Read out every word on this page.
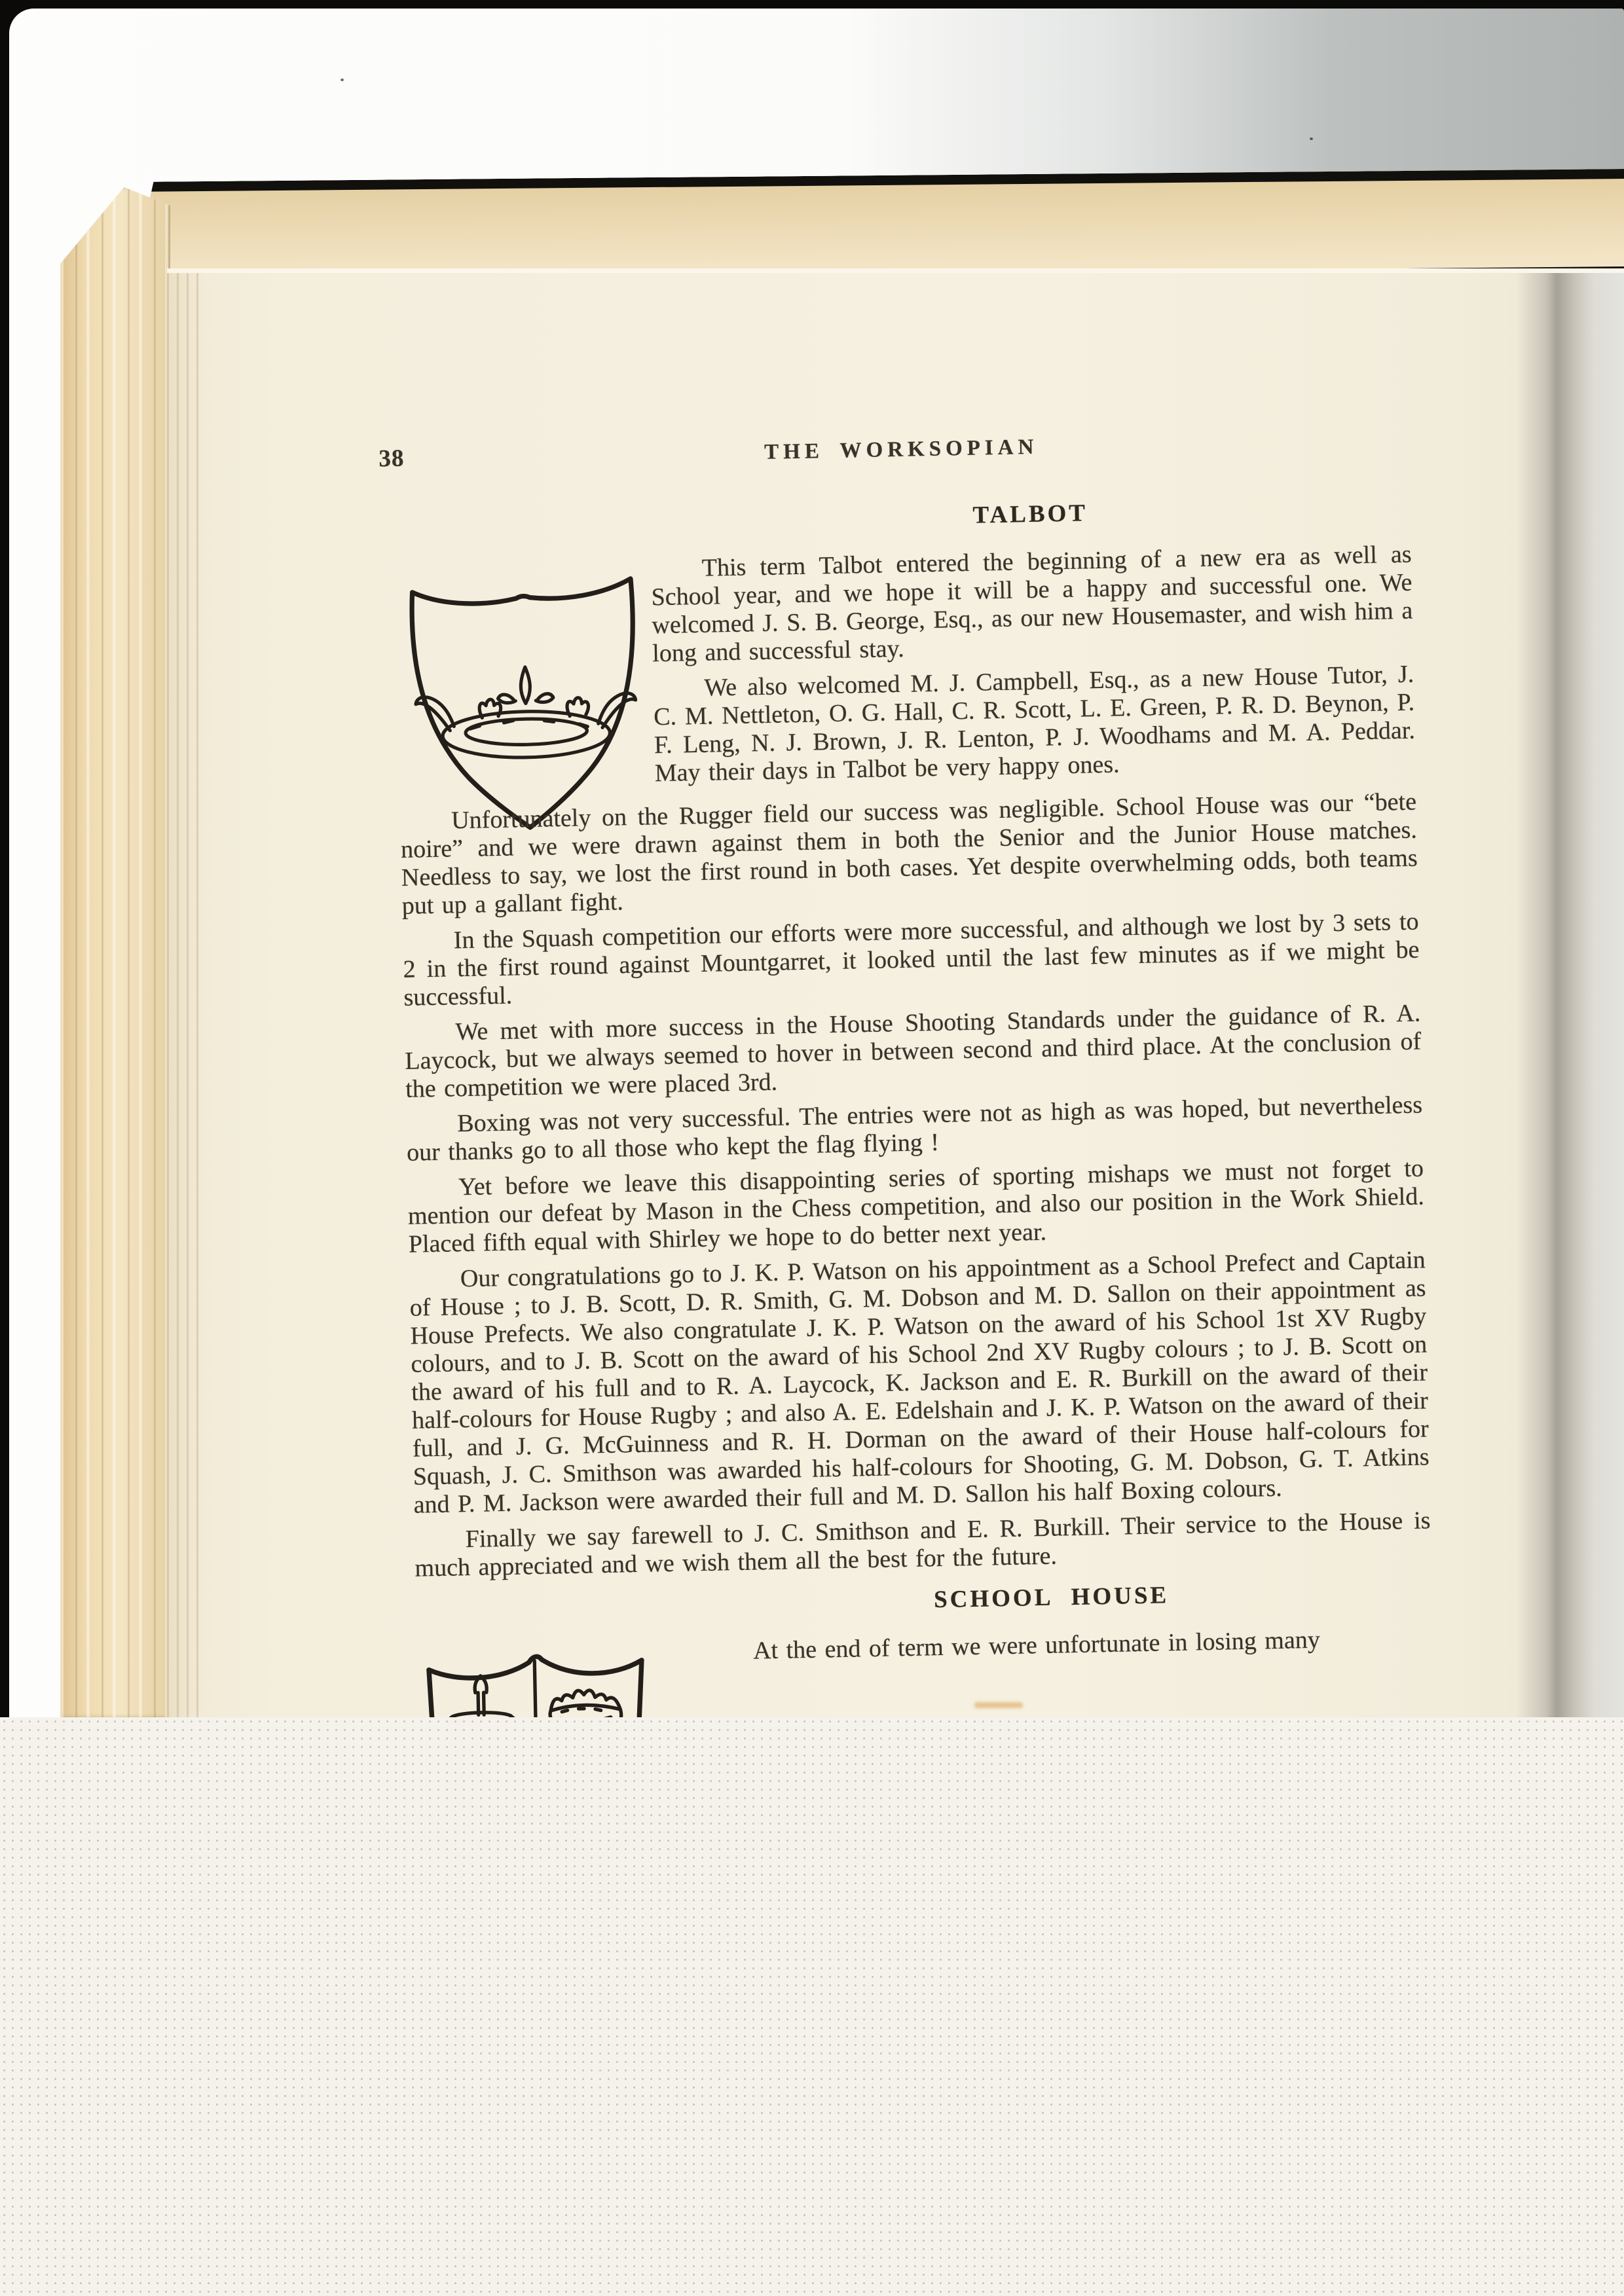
38	THE WORKSOPIAN
TALBOT

This term Talbot entered the beginning of a new era as well as School year, and we hope it will be a happy and successful one. We welcomed J. S. B. George, Esq., as our new Housemaster, and wish him a long and successful stay.

We also welcomed M. J. Campbell, Esq., as a new House Tutor, J. C. M. Nettleton, O. G. Hall, C. R. Scott, L. E. Green, P. R. D. Beynon, P. F. Leng, N. J. Brown, J. R. Lenton, P. J. Woodhams and M. A. Peddar. May their days in Talbot be very happy ones.

Unfortunately on the Rugger field our success was negligible. School House was our “bete noire” and we were drawn against them in both the Senior and the Junior House matches. Needless to say, we lost the first round in both cases. Yet despite overwhelming odds, both teams put up a gallant fight.

In the Squash competition our efforts were more successful, and although we lost by 3 sets to 2 in the first round against Mountgarret, it looked until the last few minutes as if we might be successful.

We met with more success in the House Shooting Standards under the guidance of R. A. Laycock, but we always seemed to hover in between second and third place. At the conclusion of the competition we were placed 3rd.

Boxing was not very successful. The entries were not as high as was hoped, but nevertheless our thanks go to all those who kept the flag flying !

Yet before we leave this disappointing series of sporting mishaps we must not forget to mention our defeat by Mason in the Chess competition, and also our position in the Work Shield. Placed fifth equal with Shirley we hope to do better next year.

Our congratulations go to J. K. P. Watson on his appointment as a School Prefect and Captain of House ; to J. B. Scott, D. R. Smith, G. M. Dobson and M. D. Sallon on their appointment as House Prefects. We also congratulate J. K. P. Watson on the award of his School 1st XV Rugby colours, and to J. B. Scott on the award of his School 2nd XV Rugby colours ; to J. B. Scott on the award of his full and to R. A. Laycock, K. Jackson and E. R. Burkill on the award of their half-colours for House Rugby ; and also A. E. Edelshain and J. K. P. Watson on the award of their full, and J. G. McGuinness and R. H. Dorman on the award of their House half-colours for Squash, J. C. Smithson was awarded his half-colours for Shooting, G. M. Dobson, G. T. Atkins and P. M. Jackson were awarded their full and M. D. Sallon his half Boxing colours.

Finally we say farewell to J. C. Smithson and E. R. Burkill. Their service to the House is much appreciated and we wish them all the best for the future.

SCHOOL HOUSE

At the end of term we were unfortunate in losing many
